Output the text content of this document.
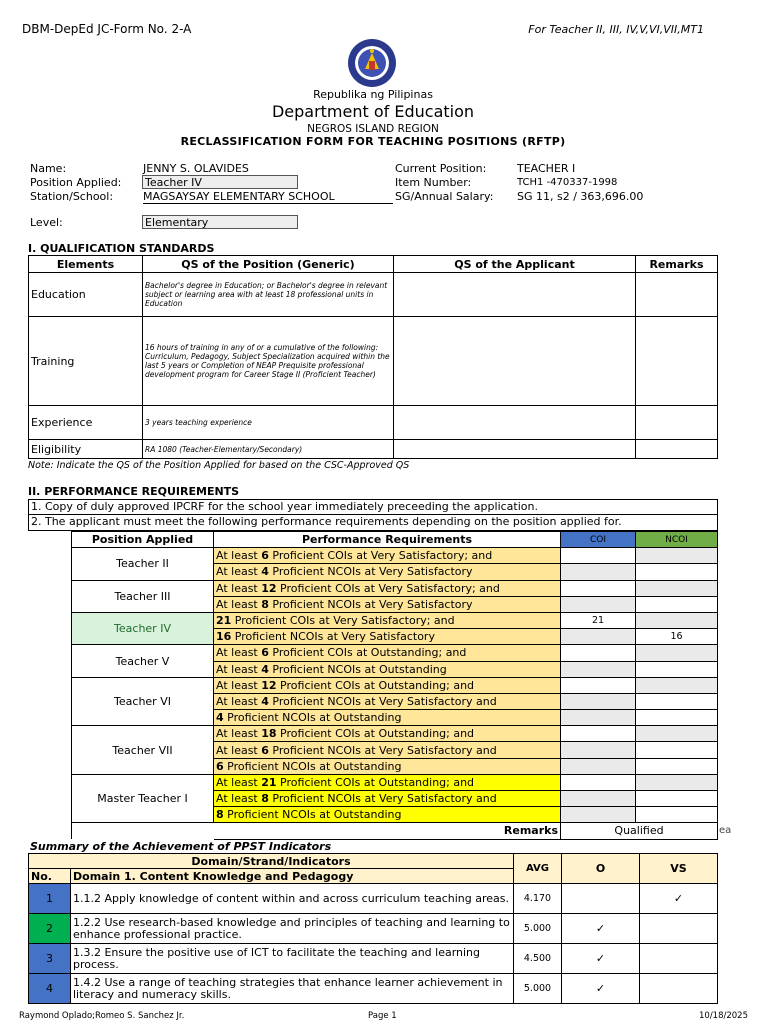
DBM-DepEd JC-Form No. 2-A	For Teacher II, III, IV,V,VI,VII,MT1
Republika ng Pilipinas
Department of Education
NEGROS ISLAND REGION
RECLASSIFICATION FORM FOR TEACHING POSITIONS (RFTP)
Name:	JENNY S. OLAVIDES
Position Applied: Teacher IV
Station/School:	MAGSAYSAY ELEMENTARY SCHOOL
Current Position:	TEACHER I
Item Number:	TCH1 -470337-1998
SG/Annual Salary: SG 11, s2 / 363,696.00
Level:	Elementary
I. QUALIFICATION STANDARDS
Elements	QS of the Position (Generic)	QS of the Applicant	Remarks
Education	Bachelor's degree in Education; or Bachelor's degree in relevant subject or learning area with at least 18 professional units in Education		
Training	16 hours of training in any of or a cumulative of the following: Curriculum, Pedagogy, Subject Specialization acquired within the last 5 years or Completion of NEAP Prequisite professional development program for Career Stage II (Proficient Teacher)		
Experience	3 years teaching experience		
Eligibility	RA 1080 (Teacher-Elementary/Secondary)		
Note: Indicate the QS of the Position Applied for based on the CSC-Approved QS
II. PERFORMANCE REQUIREMENTS
1. Copy of duly approved IPCRF for the school year immediately preceeding the application.
2. The applicant must meet the following performance requirements depending on the position applied for.
Position Applied	Performance Requirements	COI	NCOI
Teacher II	At least 6 Proficient COIs at Very Satisfactory; and		
	At least 4 Proficient NCOIs at Very Satisfactory		
Teacher III	At least 12 Proficient COIs at Very Satisfactory; and		
	At least 8 Proficient NCOIs at Very Satisfactory		
Teacher IV	21 Proficient COIs at Very Satisfactory; and	21	
	16 Proficient NCOIs at Very Satisfactory		16
Teacher V	At least 6 Proficient COIs at Outstanding; and		
	At least 4 Proficient NCOIs at Outstanding		
Teacher VI	At least 12 Proficient COIs at Outstanding; and		
	At least 4 Proficient NCOIs at Very Satisfactory and		
	4 Proficient NCOIs at Outstanding		
Teacher VII	At least 18 Proficient COIs at Outstanding; and		
	At least 6 Proficient NCOIs at Very Satisfactory and		
	6 Proficient NCOIs at Outstanding		
Master Teacher I	At least 21 Proficient COIs at Outstanding; and		
	At least 8 Proficient NCOIs at Very Satisfactory and		
	8 Proficient NCOIs at Outstanding		
	Remarks	Qualified		ea
Summary of the Achievement of PPST Indicators
Domain/Strand/Indicators		AVG	O	VS
No.	Domain 1. Content Knowledge and Pedagogy			
1	1.1.2 Apply knowledge of content within and across curriculum teaching areas.	4.170		✓
2	1.2.2 Use research-based knowledge and principles of teaching and learning to enhance professional practice.	5.000	✓	
3	1.3.2 Ensure the positive use of ICT to facilitate the teaching and learning process.	4.500	✓	
4	1.4.2 Use a range of teaching strategies that enhance learner achievement in literacy and numeracy skills.	5.000	✓	
Raymond Oplado;Romeo S. Sanchez Jr.	Page 1	10/18/2025
